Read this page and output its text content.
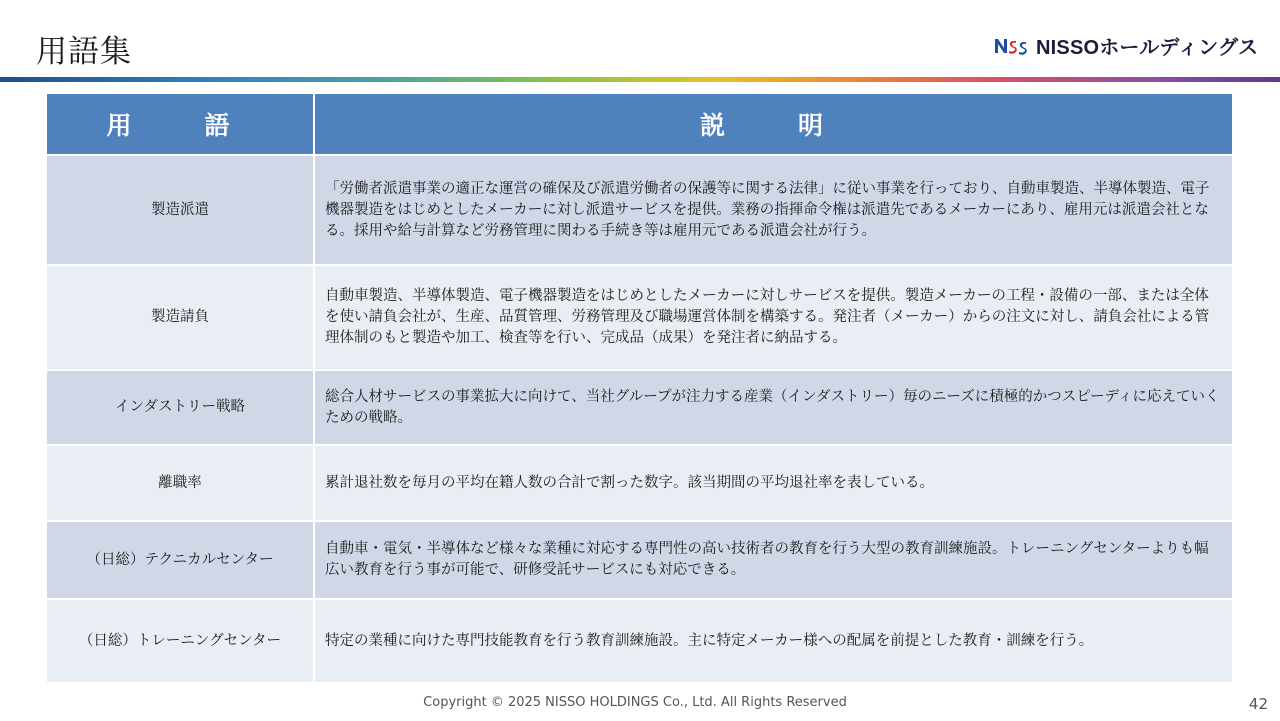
用語集	NISSOホールディングス
用　語	説　明
製造派遣	「労働者派遣事業の適正な運営の確保及び派遣労働者の保護等に関する法律」に従い事業を行っており、自動車製造、半導体製造、電子機器製造をはじめとしたメーカーに対し派遣サービスを提供。業務の指揮命令権は派遣先であるメーカーにあり、雇用元は派遣会社となる。採用や給与計算など労務管理に関わる手続き等は雇用元である派遣会社が行う。
製造請負	自動車製造、半導体製造、電子機器製造をはじめとしたメーカーに対しサービスを提供。製造メーカーの工程・設備の一部、または全体を使い請負会社が、生産、品質管理、労務管理及び職場運営体制を構築する。発注者（メーカー）からの注文に対し、請負会社による管理体制のもと製造や加工、検査等を行い、完成品（成果）を発注者に納品する。
インダストリー戦略	総合人材サービスの事業拡大に向けて、当社グループが注力する産業（インダストリー）毎のニーズに積極的かつスピーディに応えていくための戦略。
離職率	累計退社数を毎月の平均在籍人数の合計で割った数字。該当期間の平均退社率を表している。
（日総）テクニカルセンター	自動車・電気・半導体など様々な業種に対応する専門性の高い技術者の教育を行う大型の教育訓練施設。トレーニングセンターよりも幅広い教育を行う事が可能で、研修受託サービスにも対応できる。
（日総）トレーニングセンター	特定の業種に向けた専門技能教育を行う教育訓練施設。主に特定メーカー様への配属を前提とした教育・訓練を行う。
Copyright © 2025 NISSO HOLDINGS Co., Ltd. All Rights Reserved	42
